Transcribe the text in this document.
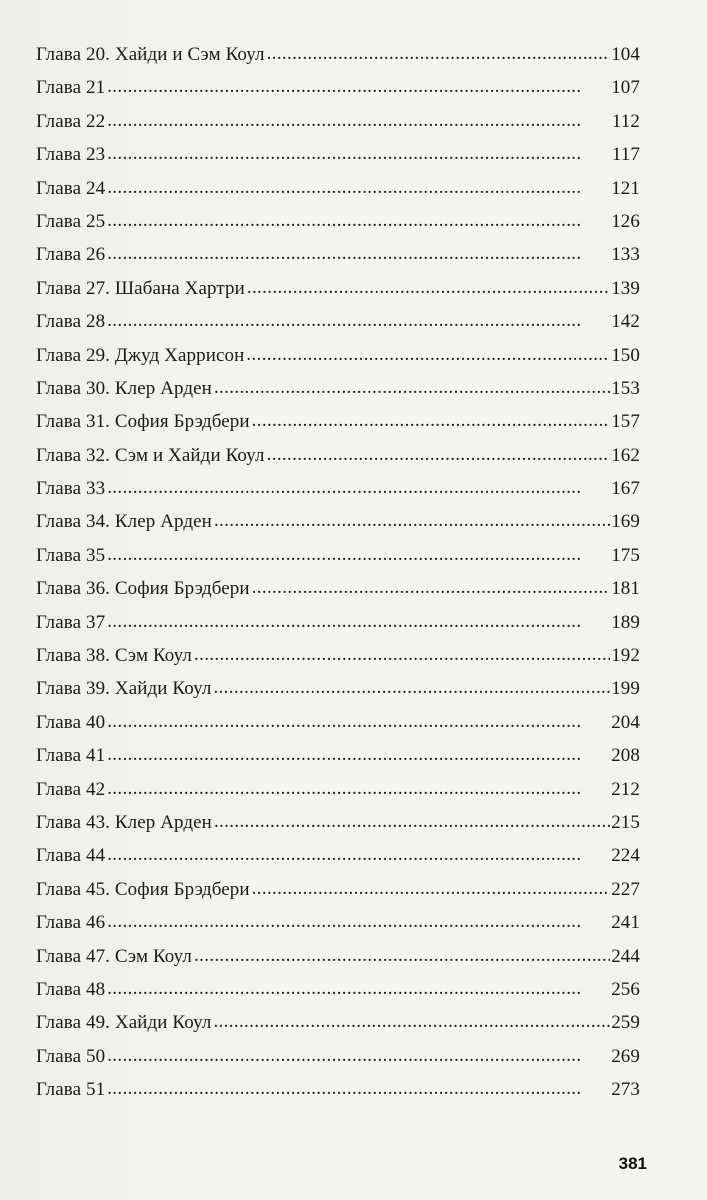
Глава 20. Хайди и Сэм Коул . . .	104
Глава 21 . . .	107
Глава 22 . . .	112
Глава 23 . . .	117
Глава 24 . . .	121
Глава 25 . . .	126
Глава 26 . . .	133
Глава 27. Шабана Хартри . . .	139
Глава 28 . . .	142
Глава 29. Джуд Харрисон . . .	150
Глава 30. Клер Арден . . .	153
Глава 31. София Брэдбери . . .	157
Глава 32. Сэм и Хайди Коул . . .	162
Глава 33 . . .	167
Глава 34. Клер Арден . . .	169
Глава 35 . . .	175
Глава 36. София Брэдбери . . .	181
Глава 37 . . .	189
Глава 38. Сэм Коул . . .	192
Глава 39. Хайди Коул . . .	199
Глава 40 . . .	204
Глава 41 . . .	208
Глава 42 . . .	212
Глава 43. Клер Арден . . .	215
Глава 44 . . .	224
Глава 45. София Брэдбери . . .	227
Глава 46 . . .	241
Глава 47. Сэм Коул . . .	244
Глава 48 . . .	256
Глава 49. Хайди Коул . . .	259
Глава 50 . . .	269
Глава 51 . . .	273
381
